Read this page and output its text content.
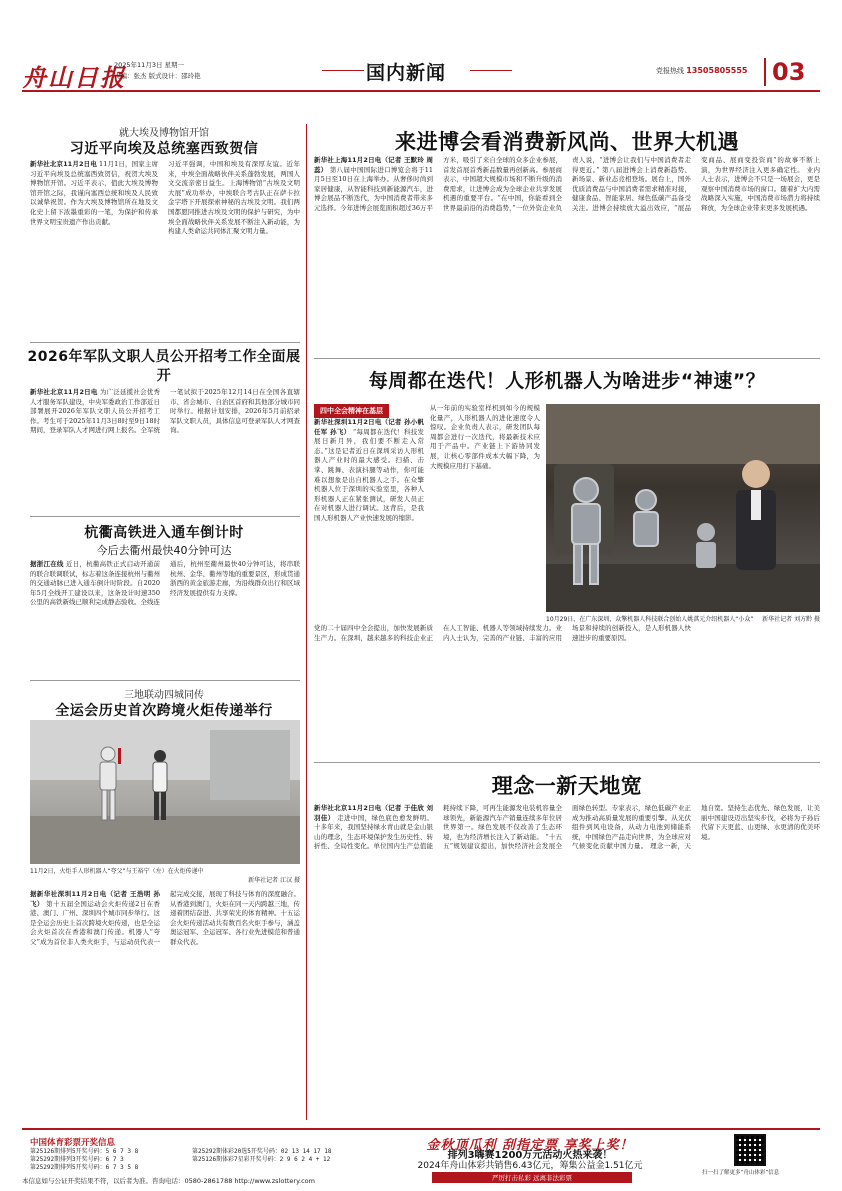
舟山日报
2025年11月3日 星期一
责编：张杰 版式设计：邵玲艳	国内新闻	党报热线 13505805555	03
就大埃及博物馆开馆
习近平向埃及总统塞西致贺信
新华社北京11月2日电 11月1日，国家主席习近平向埃及总统塞西致贺信，祝贺大埃及博物馆开馆。习近平表示，值此大埃及博物馆开馆之际，我谨向塞西总统和埃及人民致以诚挚祝贺。作为大埃及博物馆所在地及文化史上留下浓墨重彩的一笔，为保护和传承世界文明宝贵遗产作出贡献。
习近平强调，中国和埃及有深厚友谊。近年来，中埃全面战略伙伴关系蓬勃发展，两国人文交流亲密日益生。上海博物馆“古埃及文明大展”成功举办，中埃联合考古队正在萨卡拉金字塔下开展探索神秘的古埃及文明。我们两国都愿同推进古埃及文明的保护与研究，为中埃全面战略伙伴关系发展不断注入新动能，为构建人类命运共同体汇聚文明力量。
2026年军队文职人员公开招考工作全面展开
新华社北京11月2日电 为广泛延揽社会优秀人才服务军队建设，中央军委政治工作部近日部署展开2026年军队文职人员公开招考工作。考生可于2025年11月3日8时至9日18时期间，登录军队人才网进行网上报名。全军统一笔试拟于2025年12月14日在全国各直辖市、省会城市、自治区首府和其他部分城市同时举行。根据计划安排，2026年5月前招录军队文职人员，具体信息可登录军队人才网查询。
杭衢高铁进入通车倒计时
今后去衢州最快40分钟可达
据浙江在线 近日，杭衢高铁正式启动开通前的联合联调联试，标志着这条连接杭州与衢州的交通动脉已进入通车倒计时阶段。自2020年5月全线开工建设以来，这条设计时速350公里的高铁新线已顺利完成静态验收。全线连通后，杭州至衢州最快40分钟可达，将串联杭州、金华、衢州等地的重要景区，形成贯通浙西的黄金旅游走廊，为沿线群众出行和区域经济发展提供有力支撑。
三地联动四城同传
全运会历史首次跨境火炬传递举行
11月2日，火炬手人形机器人“夸父”与王裕宁（左）在火炬传递中
新华社记者 江汉 摄
据新华社深圳11月2日电（记者 王浩明 孙飞） 第十五届全国运动会火炬传递2日在香港、澳门、广州、深圳四个城市同步举行。这是全运会历史上首次跨境火炬传递，也是全运会火炬首次在香港和澳门传递。机器人“夸父”成为首位非人类火炬手，与运动员代表一起完成交接，展现了科技与体育的深度融合。从香港到澳门，火炬在同一天内跨越三地，传递着团结奋进、共享荣光的体育精神。十五运会火炬传递活动共有数百名火炬手参与，涵盖奥运冠军、全运冠军、各行业先进模范和普通群众代表。
来进博会看消费新风尚、世界大机遇
新华社上海11月2日电（记者 王默玲 周蕊） 第八届中国国际进口博览会将于11月5日至10日在上海举办。从奢侈时尚到家居健康，从智能科技到新能源汽车，进博会展品不断迭代，为中国消费者带来多元选择。今年进博会展览面积超过36万平方米，吸引了来自全球的众多企业参展，首发首展首秀新品数量再创新高。参展商表示，中国超大规模市场和不断升级的消费需求，让进博会成为全球企业共享发展机遇的重要平台。“在中国，你能看到全世界最前沿的消费趋势，”一位外资企业负责人说，“进博会让我们与中国消费者走得更近。” 第八届进博会上消费新趋势、新场景、新业态竞相登场。展台上，国外优质消费品与中国消费者需求精准对接，健康食品、智能家居、绿色低碳产品备受关注。进博会持续放大溢出效应，“展品变商品、展商变投资商”的故事不断上演，为世界经济注入更多确定性。 业内人士表示，进博会不只是一场展会，更是观察中国消费市场的窗口。随着扩大内需战略深入实施，中国消费市场潜力将持续释放，为全球企业带来更多发展机遇。
每周都在迭代！人形机器人为啥进步“神速”？
四中全会精神在基层
新华社深圳11月2日电（记者 孙小帆 任军 孙飞） “每周都在迭代！科技发展日新月异，我们要不断走入常态。”这是记者近日在深圳采访人形机器人产业时的最大感受。扫描、击掌、跳舞、表演抖腿等动作，你可能难以想象是出自机器人之手。在众擎机器人位于深圳的实验室里，各种人形机器人正在紧张测试，研发人员正在对机器人进行调试。这背后，是我国人形机器人产业快速发展的缩影。
从一年前的实验室样机到如今的规模化量产，人形机器人的进化速度令人惊叹。企业负责人表示，研发团队每周都会进行一次迭代，将最新技术应用于产品中。产业链上下游协同发展，让核心零部件成本大幅下降，为大规模应用打下基础。
10月29日，在广东深圳，众擎机器人科技联合创始人姚淇元介绍机器人“小众” 新华社记者 刘方黔 摄
党的二十届四中全会提出，加快发展新质生产力。在深圳，越来越多的科技企业正在人工智能、机器人等领域持续发力。业内人士认为，完善的产业链、丰富的应用场景和持续的创新投入，是人形机器人快速进步的重要原因。
理念一新天地宽
新华社北京11月2日电（记者 于佳欣 刘羽佳） 走进中国，绿色底色愈发鲜明。十多年来，我国坚持绿水青山就是金山银山的理念，生态环境保护发生历史性、转折性、全局性变化。单位国内生产总值能耗持续下降，可再生能源发电装机容量全球领先，新能源汽车产销量连续多年位居世界第一。绿色发展不仅改善了生态环境，也为经济增长注入了新动能。 “十五五”规划建议提出，加快经济社会发展全面绿色转型。专家表示，绿色低碳产业正成为推动高质量发展的重要引擎。从光伏组件到风电设备，从动力电池到储能系统，中国绿色产品走向世界，为全球应对气候变化贡献中国力量。 理念一新，天地自宽。坚持生态优先、绿色发展，让美丽中国建设迈出坚实步伐，必将为子孙后代留下天更蓝、山更绿、水更清的优美环境。
中国体育彩票开奖信息
第25126期排列5开奖号码：5 6 7 3 8
第25292期排列3开奖号码：6 7 3
第25292期排列5开奖号码：6 7 3 5 8
第25292期体彩20选5开奖号码：02 13 14 17 18
第25126期体彩7星彩开奖号码：2 9 6 2 4 + 12
金秋顶瓜利 刮指定票 享奖上奖！
排列3嗨赛1200万元活动火热来袭！
2024年舟山体彩共销售6.43亿元，筹集公益金1.51亿元
严厉打击私彩 远离非法彩票
扫一扫了解更多“舟山体彩”信息
本信息如与公证开奖结果不符，以后者为准。咨询电话：0580-2861788 http://www.zslottery.com
